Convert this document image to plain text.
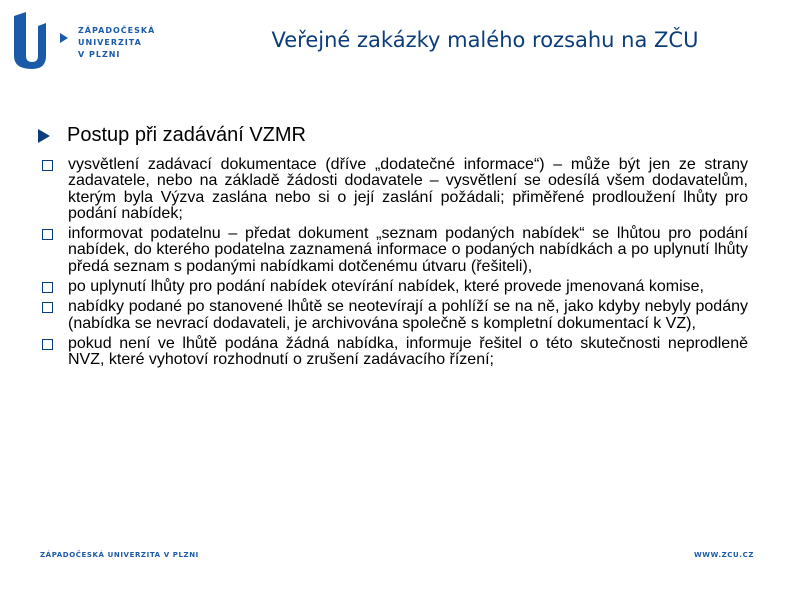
ZÁPADOČESKÁ
UNIVERZITA
V PLZNI
Veřejné zakázky malého rozsahu na ZČU
Postup při zadávání VZMR
vysvětlení zadávací dokumentace (dříve „dodatečné informace“) – může být jen ze strany zadavatele, nebo na základě žádosti dodavatele – vysvětlení se odesílá všem dodavatelům, kterým byla Výzva zaslána nebo si o její zaslání požádali; přiměřené prodloužení lhůty pro podání nabídek;
informovat podatelnu – předat dokument „seznam podaných nabídek“ se lhůtou pro podání nabídek, do kterého podatelna zaznamená informace o podaných nabídkách a po uplynutí lhůty předá seznam s podanými nabídkami dotčenému útvaru (řešiteli),
po uplynutí lhůty pro podání nabídek otevírání nabídek, které provede jmenovaná komise,
nabídky podané po stanovené lhůtě se neotevírají a pohlíží se na ně, jako kdyby nebyly podány (nabídka se nevrací dodavateli, je archivována společně s kompletní dokumentací k VZ),
pokud není ve lhůtě podána žádná nabídka, informuje řešitel o této skutečnosti neprodleně NVZ, které vyhotoví rozhodnutí o zrušení zadávacího řízení;
ZÁPADOČESKÁ UNIVERZITA V PLZNI	WWW.ZCU.CZ
